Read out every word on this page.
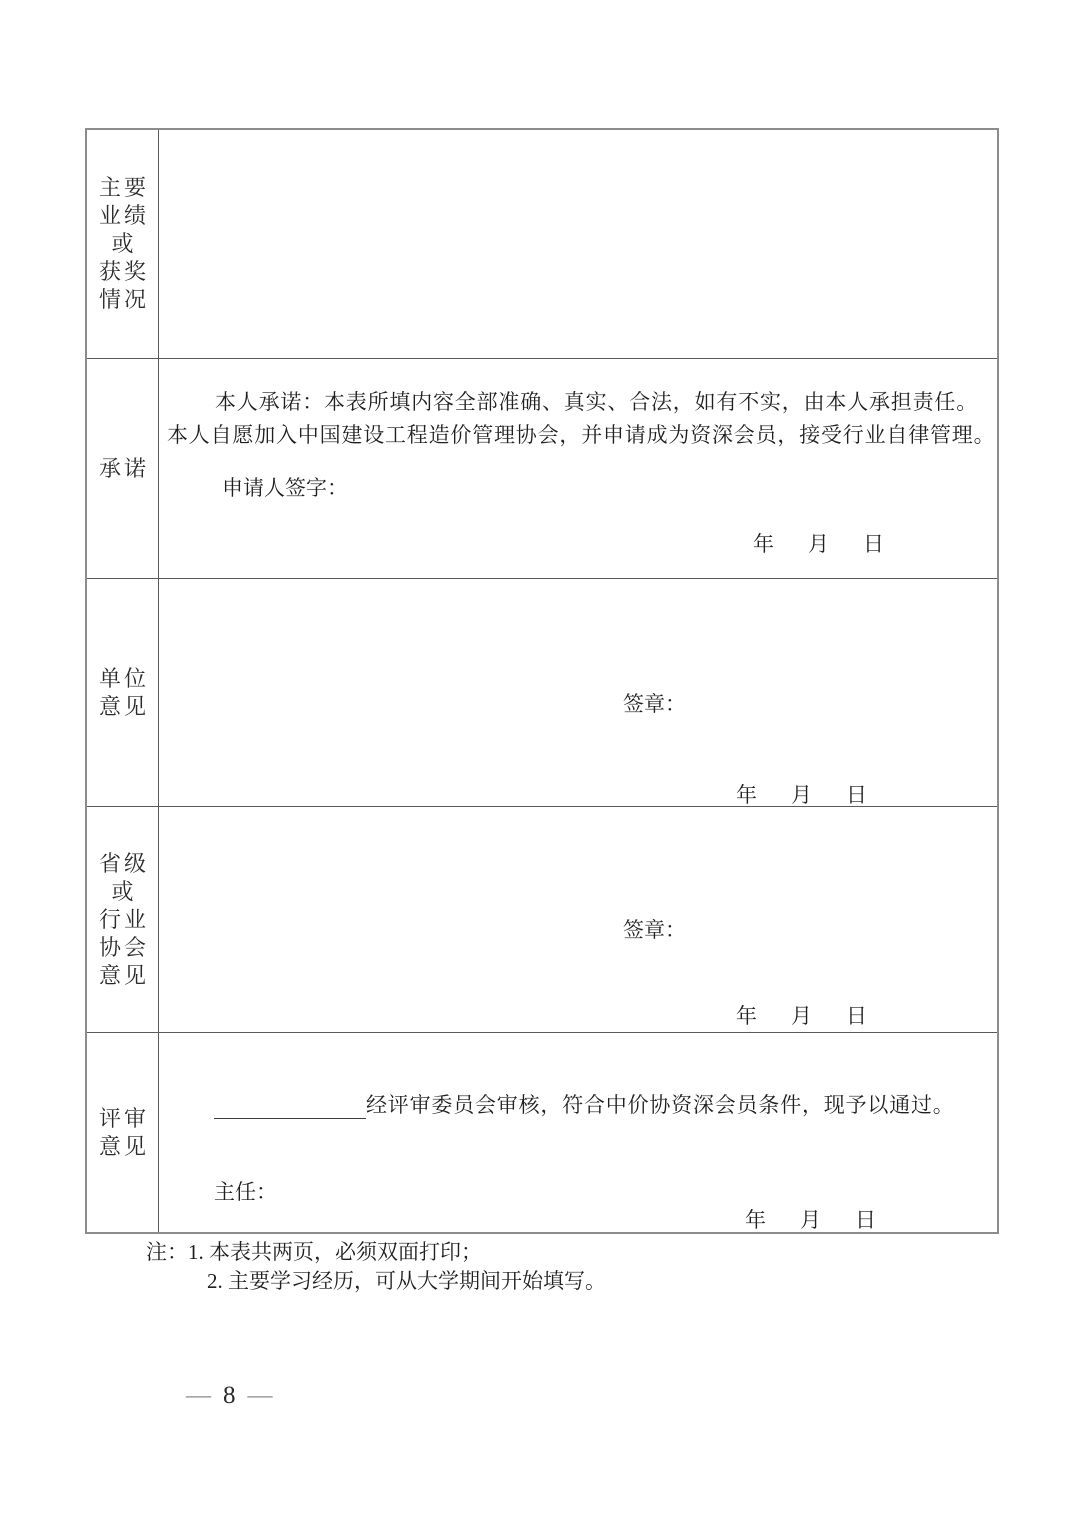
主要
业绩
或
获奖
情况
承诺
本人承诺：本表所填内容全部准确、真实、合法，如有不实，由本人承担责任。
本人自愿加入中国建设工程造价管理协会，并申请成为资深会员，接受行业自律管理。
申请人签字：
年 月 日
单位
意见	签章：
年 月 日
省级
或
行业
协会
意见
签章：
年 月 日
评审
意见
经评审委员会审核，符合中价协资深会员条件，现予以通过。
主任：
年 月 日
注：1. 本表共两页，必须双面打印；
2. 主要学习经历，可从大学期间开始填写。
— 8 —
